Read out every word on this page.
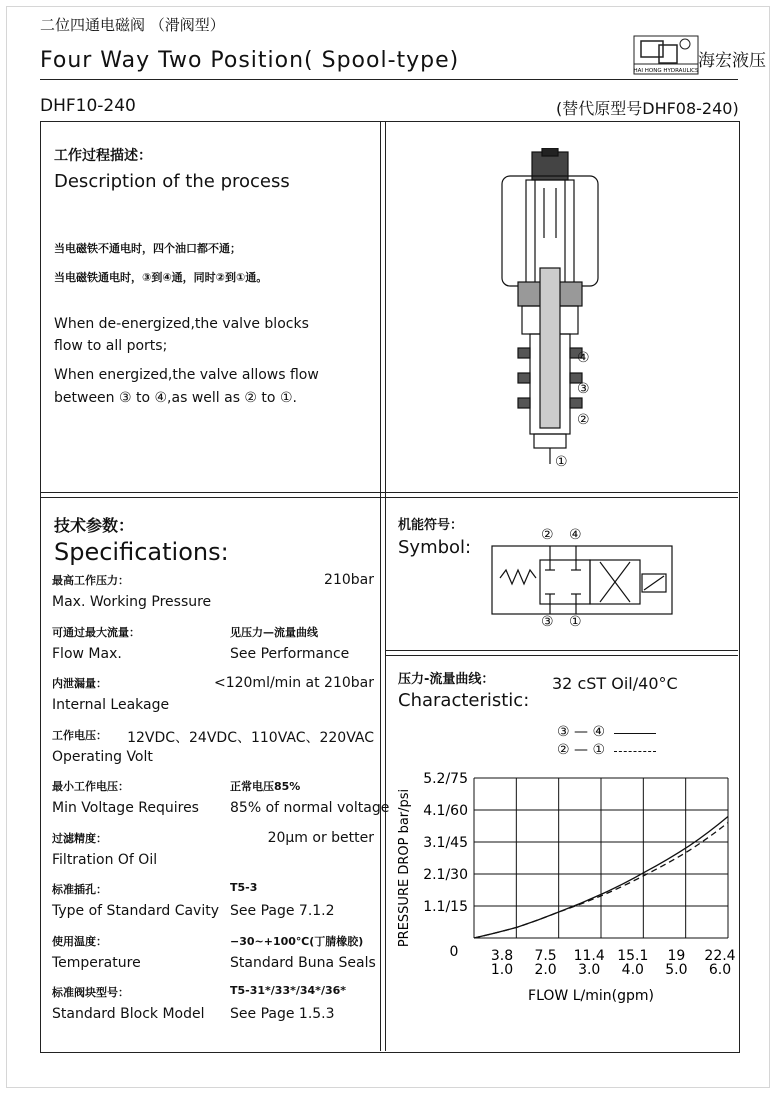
二位四通电磁阀 （滑阀型）
Four Way Two Position( Spool-type)	HAI HONG HYDRAULICS 海宏液压
DHF10-240	(替代原型号DHF08-240)
工作过程描述：
Description of the process
当电磁铁不通电时，四个油口都不通；
当电磁铁通电时，③到④通，同时②到①通。
When de-energized,the valve blocks
flow to all ports;
When energized,the valve allows flow
between ③ to ④,as well as ② to ①.
④
③
②
①
技术参数：
Specifications:
最高工作压力：
Max. Working Pressure
210bar
可通过最大流量：
Flow Max.
见压力—流量曲线
See Performance
内泄漏量：
Internal Leakage
<120ml/min at 210bar
工作电压：
Operating Volt
12VDC、24VDC、110VAC、220VAC
最小工作电压：
Min Voltage Requires
正常电压85%
85% of normal voltage
过滤精度：
Filtration Of Oil
20μm or better
标准插孔：
Type of Standard Cavity
T5-3
See Page 7.1.2
使用温度：
Temperature
−30~+100℃(丁腈橡胶)
Standard Buna Seals
标准阀块型号：
Standard Block Model
T5-31*/33*/34*/36*
See Page 1.5.3
机能符号：
Symbol:
② ④
③ ①
压力-流量曲线：
Characteristic:
32 cST Oil/40°C
③ — ④
② — ①
5.2/75
4.1/60
3.1/45
2.1/30
1.1/15
0 3.8 7.5 11.4 15.1 19 22.4
1.0 2.0 3.0 4.0 5.0 6.0
FLOW L/min(gpm)
PRESSURE DROP bar/psi
